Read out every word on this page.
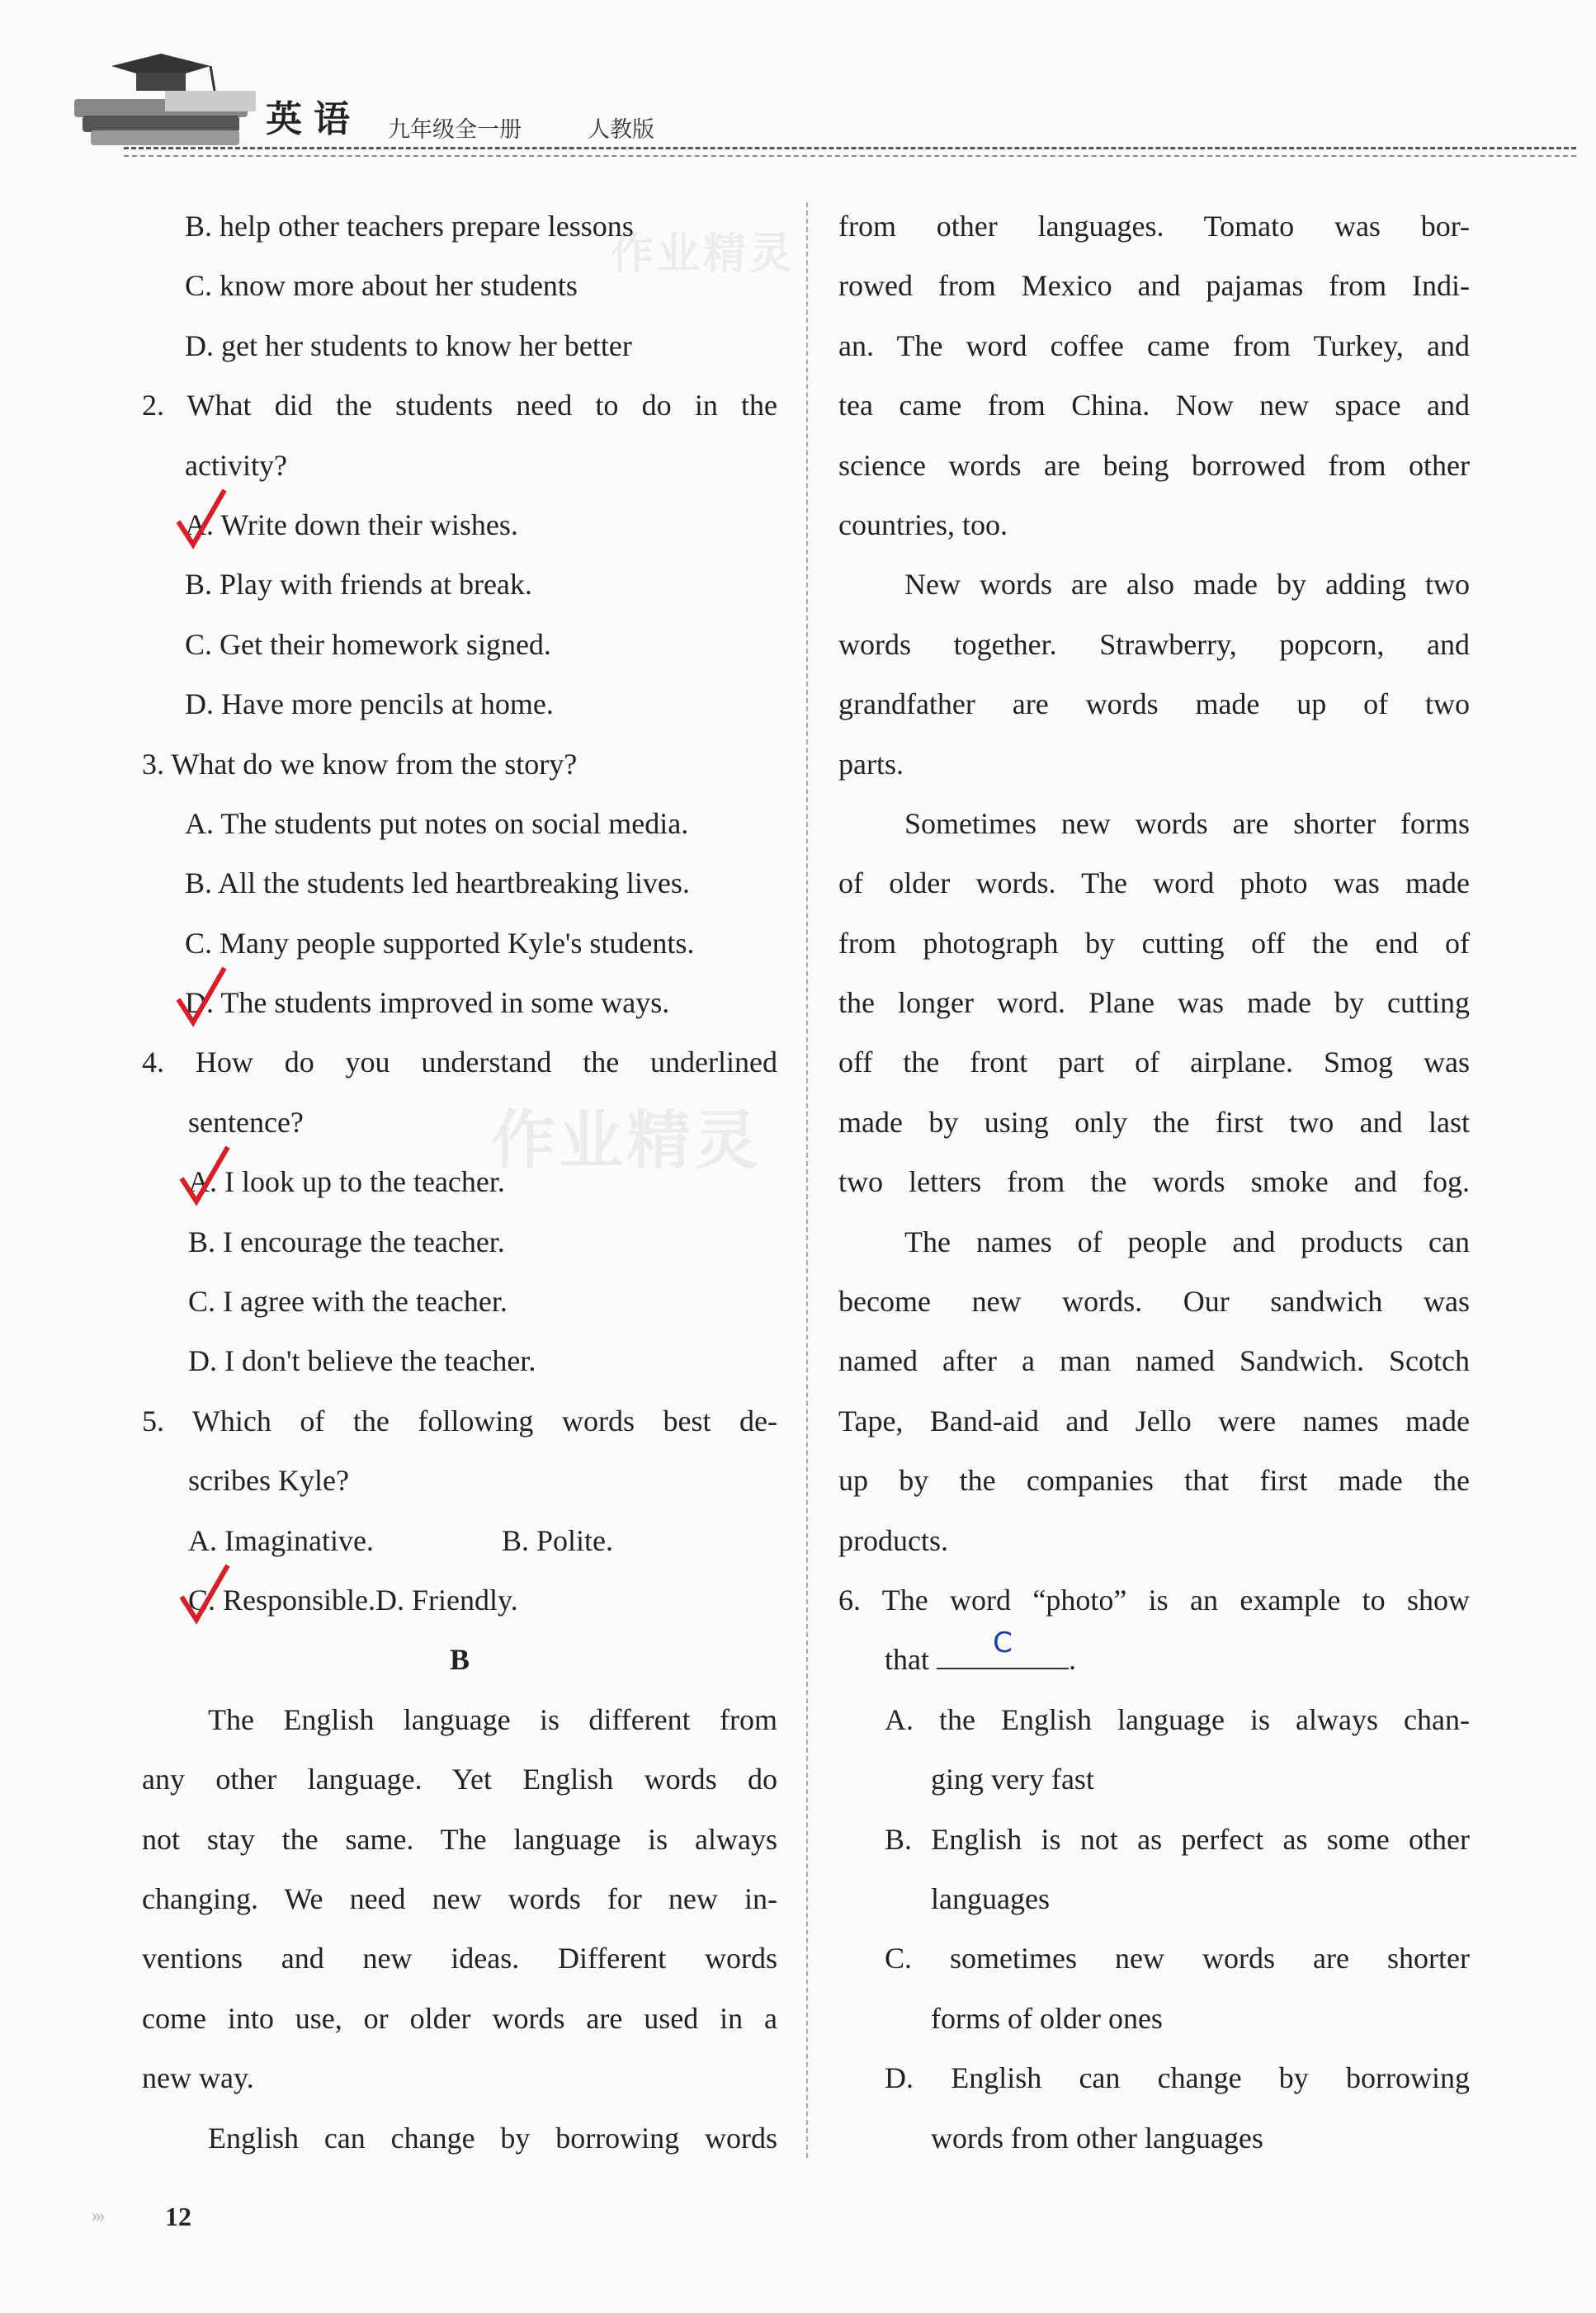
英语 九年级全一册	人教版
作业精灵
作业精灵
B. help other teachers prepare lessons
C. know more about her students
D. get her students to know her better
2. What did the students need to do in the
activity?
A. Write down their wishes.
B. Play with friends at break.
C. Get their homework signed.
D. Have more pencils at home.
3. What do we know from the story?
A. The students put notes on social media.
B. All the students led heartbreaking lives.
C. Many people supported Kyle's students.
D. The students improved in some ways.
4. How do you understand the underlined
sentence?
A. I look up to the teacher.
B. I encourage the teacher.
C. I agree with the teacher.
D. I don't believe the teacher.
5. Which of the following words best de-
scribes Kyle?
A. Imaginative.	B. Polite.
C. Responsible. D. Friendly.
B
The English language is different from
any other language. Yet English words do
not stay the same. The language is always
changing. We need new words for new in-
ventions and new ideas. Different words
come into use, or older words are used in a
new way.
English can change by borrowing words
from other languages. Tomato was bor-
rowed from Mexico and pajamas from Indi-
an. The word coffee came from Turkey, and
tea came from China. Now new space and
science words are being borrowed from other
countries, too.
New words are also made by adding two
words together. Strawberry, popcorn, and
grandfather are words made up of two
parts.
Sometimes new words are shorter forms
of older words. The word photo was made
from photograph by cutting off the end of
the longer word. Plane was made by cutting
off the front part of airplane. Smog was
made by using only the first two and last
two letters from the words smoke and fog.
The names of people and products can
become new words. Our sandwich was
named after a man named Sandwich. Scotch
Tape, Band-aid and Jello were names made
up by the companies that first made the
products.
6. The word “photo” is an example to show
that	C	.
A. the English language is always chan-
ging very fast
B. English is not as perfect as some other
languages
C. sometimes new words are shorter
forms of older ones
D. English can change by borrowing
words from other languages
››› 12
